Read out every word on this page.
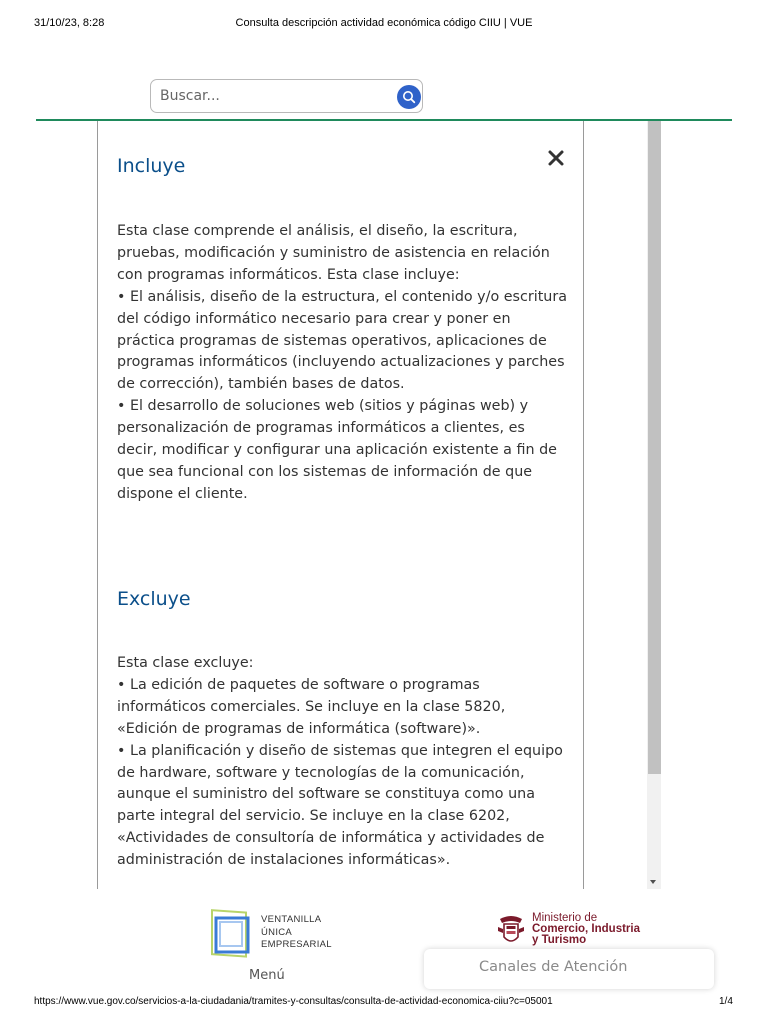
31/10/23, 8:28	Consulta descripción actividad económica código CIIU | VUE
Buscar...
Incluye

Esta clase comprende el análisis, el diseño, la escritura, pruebas, modificación y suministro de asistencia en relación con programas informáticos. Esta clase incluye:

• El análisis, diseño de la estructura, el contenido y/o escritura del código informático necesario para crear y poner en práctica programas de sistemas operativos, aplicaciones de programas informáticos (incluyendo actualizaciones y parches de corrección), también bases de datos.

• El desarrollo de soluciones web (sitios y páginas web) y personalización de programas informáticos a clientes, es decir, modificar y configurar una aplicación existente a fin de que sea funcional con los sistemas de información de que dispone el cliente.

Excluye

Esta clase excluye:

• La edición de paquetes de software o programas informáticos comerciales. Se incluye en la clase 5820, «Edición de programas de informática (software)».

• La planificación y diseño de sistemas que integren el equipo de hardware, software y tecnologías de la comunicación, aunque el suministro del software se constituya como una parte integral del servicio. Se incluye en la clase 6202, «Actividades de consultoría de informática y actividades de administración de instalaciones informáticas».

VENTANILLA
ÚNICA
EMPRESARIAL
Menú
Ministerio de
Comercio, Industria
y Turismo
Canales de Atención
https://www.vue.gov.co/servicios-a-la-ciudadania/tramites-y-consultas/consulta-de-actividad-economica-ciiu?c=05001	1/4
